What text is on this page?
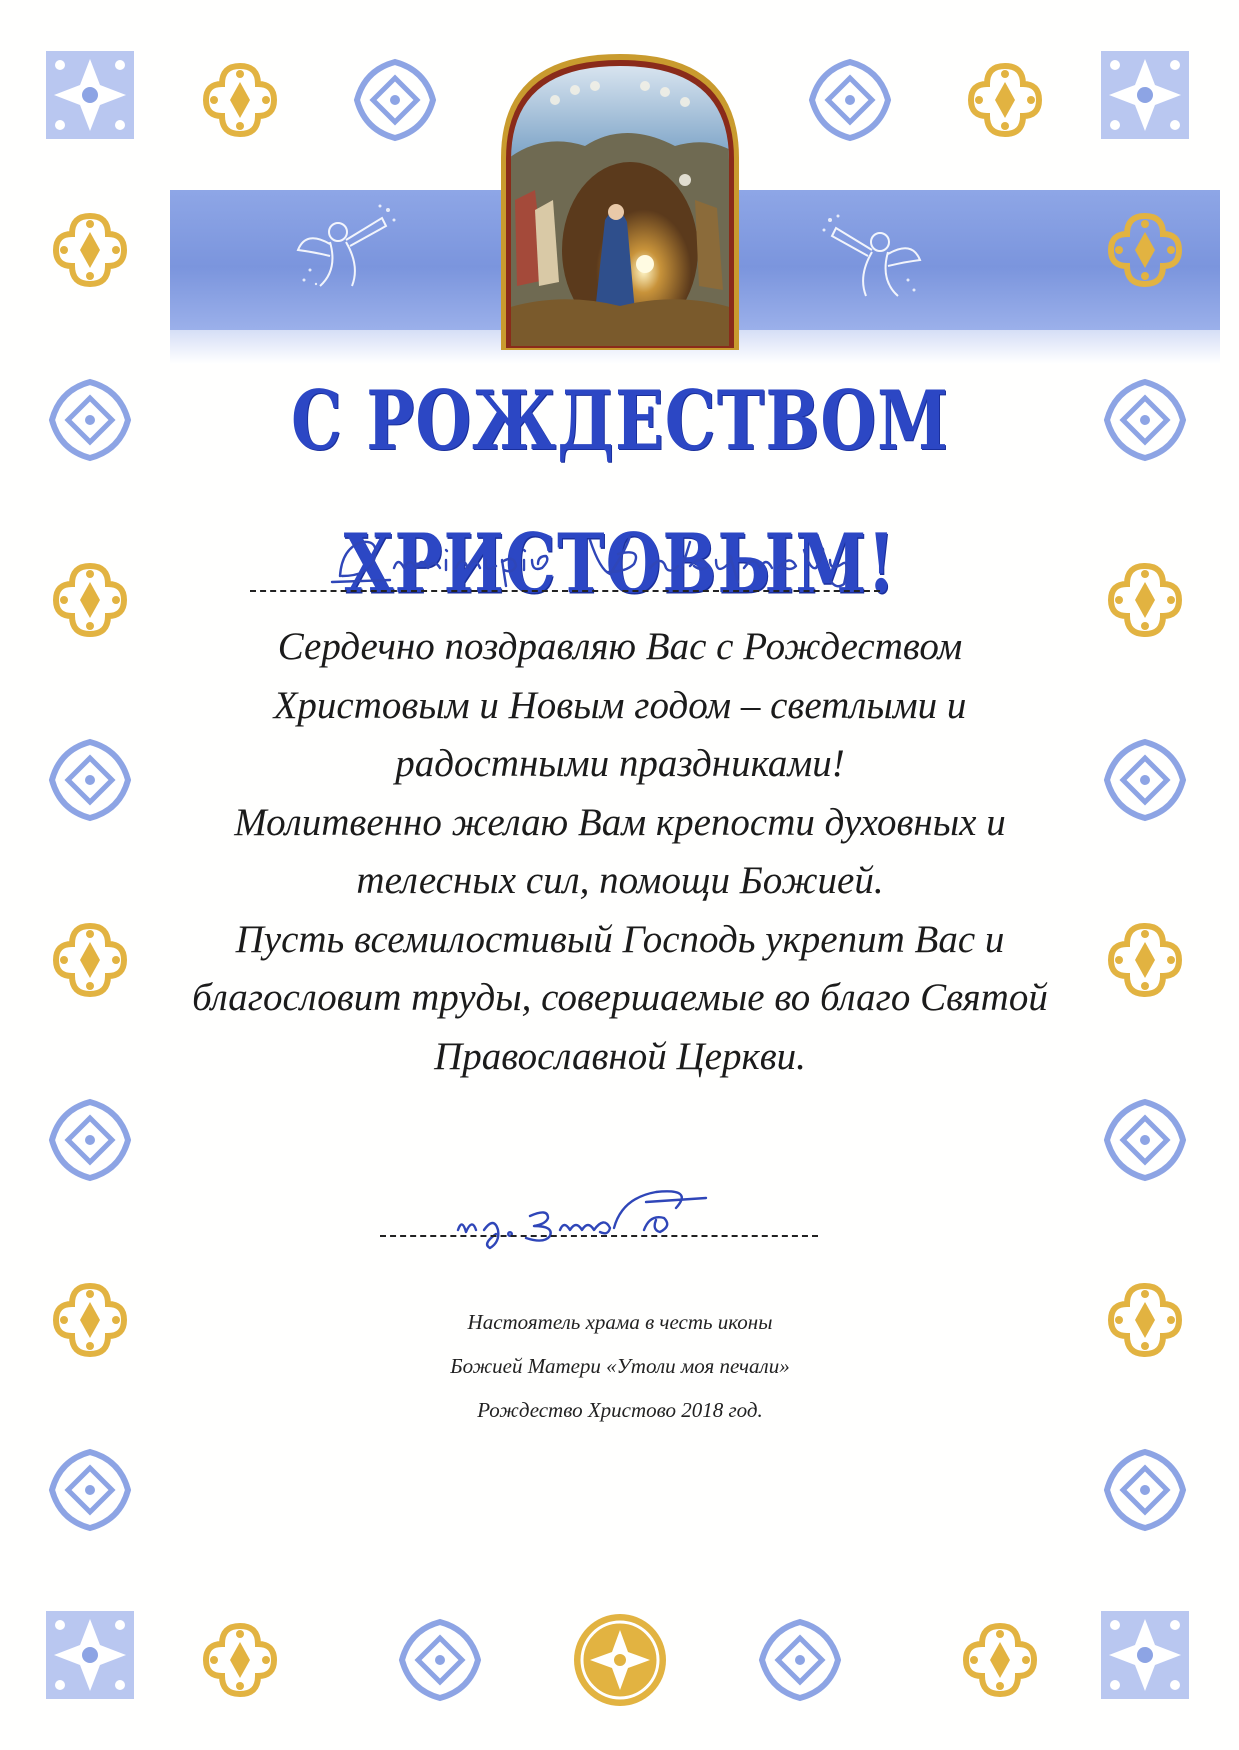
С РОЖДЕСТВОМ ХРИСТОВЫМ!

Сердечно поздравляю Вас с Рождеством Христовым и Новым годом – светлыми и радостными праздниками!

Молитвенно желаю Вам крепости духовных и телесных сил, помощи Божией.

Пусть всемилостивый Господь укрепит Вас и благословит труды, совершаемые во благо Святой Православной Церкви.

Настоятель храма в честь иконы
Божией Матери «Утоли моя печали»
Рождество Христово 2018 год.
